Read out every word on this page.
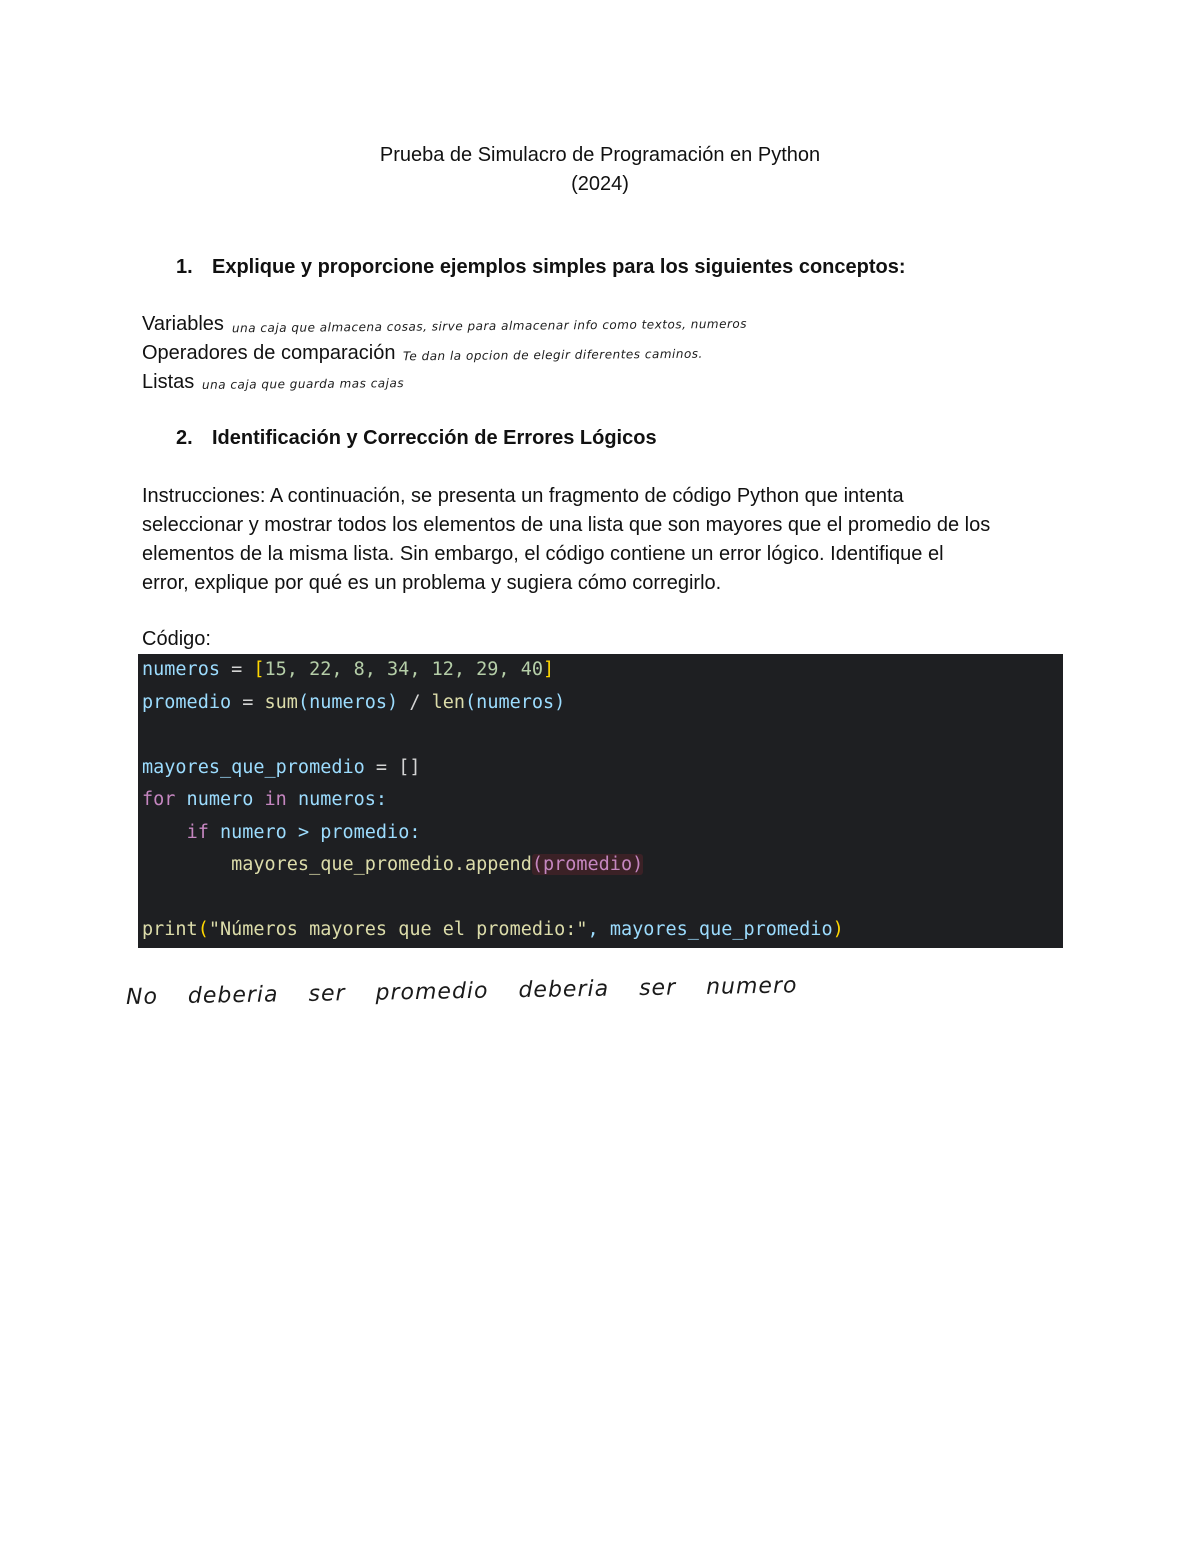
Prueba de Simulacro de Programación en Python
(2024)
1. Explique y proporcione ejemplos simples para los siguientes conceptos:
Variables una caja que almacena cosas, sirve para almacenar info como textos, numeros
Operadores de comparación Te dan la opcion de elegir diferentes caminos.
Listas una caja que guarda mas cajas
2. Identificación y Corrección de Errores Lógicos

Instrucciones: A continuación, se presenta un fragmento de código Python que intenta

seleccionar y mostrar todos los elementos de una lista que son mayores que el promedio de los

elementos de la misma lista. Sin embargo, el código contiene un error lógico. Identifique el

error, explique por qué es un problema y sugiera cómo corregirlo.

Código:
numeros = [15, 22, 8, 34, 12, 29, 40]
promedio = sum(numeros) / len(numeros)

mayores_que_promedio = []
for numero in numeros:
if numero > promedio:
mayores_que_promedio.append(promedio)

print("Números mayores que el promedio:", mayores_que_promedio)
No deberia ser promedio deberia ser numero
